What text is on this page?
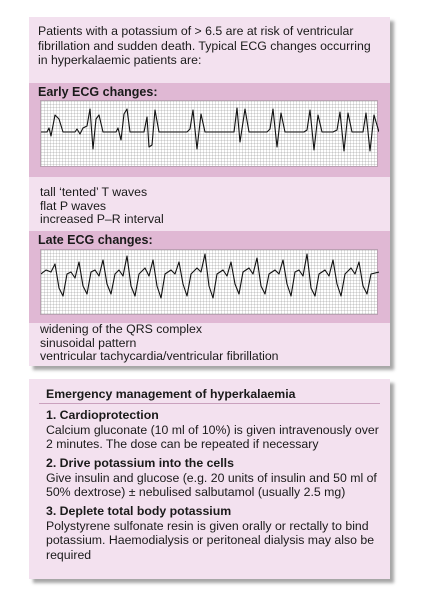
Patients with a potassium of > 6.5 are at risk of ventricular fibrillation and sudden death. Typical ECG changes occurring in hyperkalaemic patients are:
Early ECG changes:
tall ‘tented’ T waves
flat P waves
increased P–R interval
Late ECG changes:
widening of the QRS complex
sinusoidal pattern
ventricular tachycardia/ventricular fibrillation
Emergency management of hyperkalaemia
1. Cardioprotection
Calcium gluconate (10 ml of 10%) is given intravenously over 2 minutes. The dose can be repeated if necessary
2. Drive potassium into the cells
Give insulin and glucose (e.g. 20 units of insulin and 50 ml of 50% dextrose) ± nebulised salbutamol (usually 2.5 mg)
3. Deplete total body potassium
Polystyrene sulfonate resin is given orally or rectally to bind potassium. Haemodialysis or peritoneal dialysis may also be required
